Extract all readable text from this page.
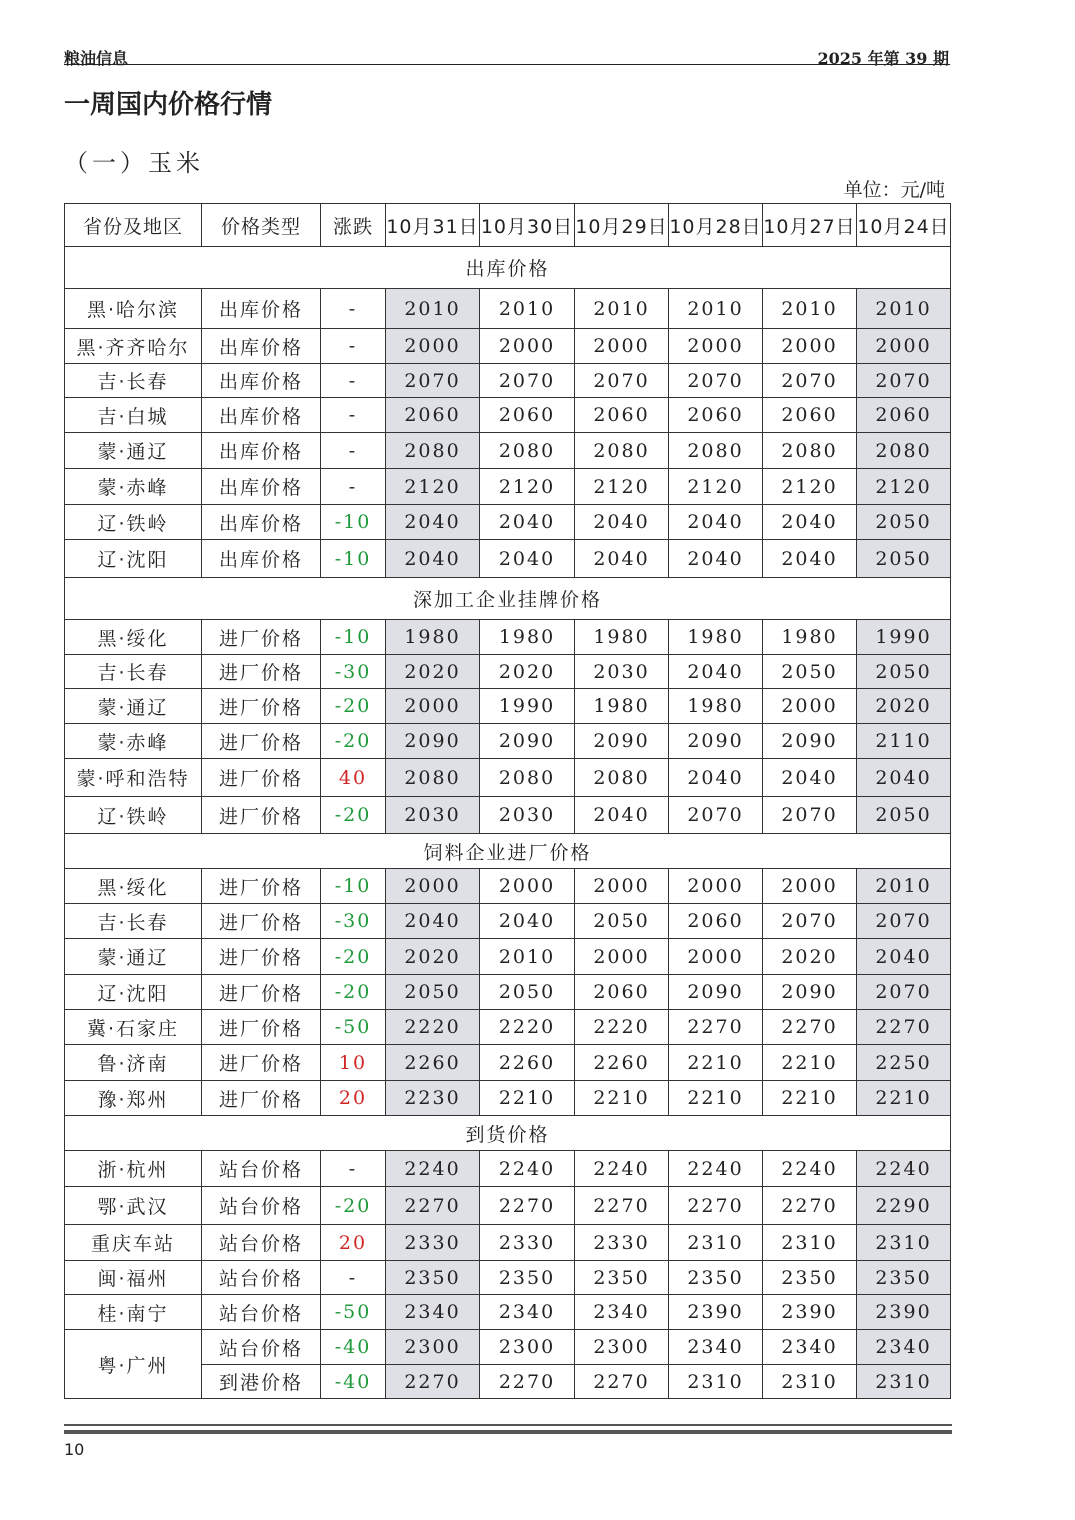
粮油信息	2025 年第 39 期
一周国内价格行情
（一）玉米
单位：元/吨
省份及地区	价格类型	涨跌	10月31日	10月30日	10月29日	10月28日	10月27日	10月24日
出库价格								
黑·哈尔滨	出库价格	-	2010	2010	2010	2010	2010	2010
黑·齐齐哈尔	出库价格	-	2000	2000	2000	2000	2000	2000
吉·长春	出库价格	-	2070	2070	2070	2070	2070	2070
吉·白城	出库价格	-	2060	2060	2060	2060	2060	2060
蒙·通辽	出库价格	-	2080	2080	2080	2080	2080	2080
蒙·赤峰	出库价格	-	2120	2120	2120	2120	2120	2120
辽·铁岭	出库价格	-10	2040	2040	2040	2040	2040	2050
辽·沈阳	出库价格	-10	2040	2040	2040	2040	2040	2050
深加工企业挂牌价格								
黑·绥化	进厂价格	-10	1980	1980	1980	1980	1980	1990
吉·长春	进厂价格	-30	2020	2020	2030	2040	2050	2050
蒙·通辽	进厂价格	-20	2000	1990	1980	1980	2000	2020
蒙·赤峰	进厂价格	-20	2090	2090	2090	2090	2090	2110
蒙·呼和浩特	进厂价格	40	2080	2080	2080	2040	2040	2040
辽·铁岭	进厂价格	-20	2030	2030	2040	2070	2070	2050
饲料企业进厂价格								
黑·绥化	进厂价格	-10	2000	2000	2000	2000	2000	2010
吉·长春	进厂价格	-30	2040	2040	2050	2060	2070	2070
蒙·通辽	进厂价格	-20	2020	2010	2000	2000	2020	2040
辽·沈阳	进厂价格	-20	2050	2050	2060	2090	2090	2070
冀·石家庄	进厂价格	-50	2220	2220	2220	2270	2270	2270
鲁·济南	进厂价格	10	2260	2260	2260	2210	2210	2250
豫·郑州	进厂价格	20	2230	2210	2210	2210	2210	2210
到货价格								
浙·杭州	站台价格	-	2240	2240	2240	2240	2240	2240
鄂·武汉	站台价格	-20	2270	2270	2270	2270	2270	2290
重庆车站	站台价格	20	2330	2330	2330	2310	2310	2310
闽·福州	站台价格	-	2350	2350	2350	2350	2350	2350
桂·南宁	站台价格	-50	2340	2340	2340	2390	2390	2390
粤·广州	站台价格	-40	2300	2300	2300	2340	2340	2340
	到港价格	-40	2270	2270	2270	2310	2310	2310
10
